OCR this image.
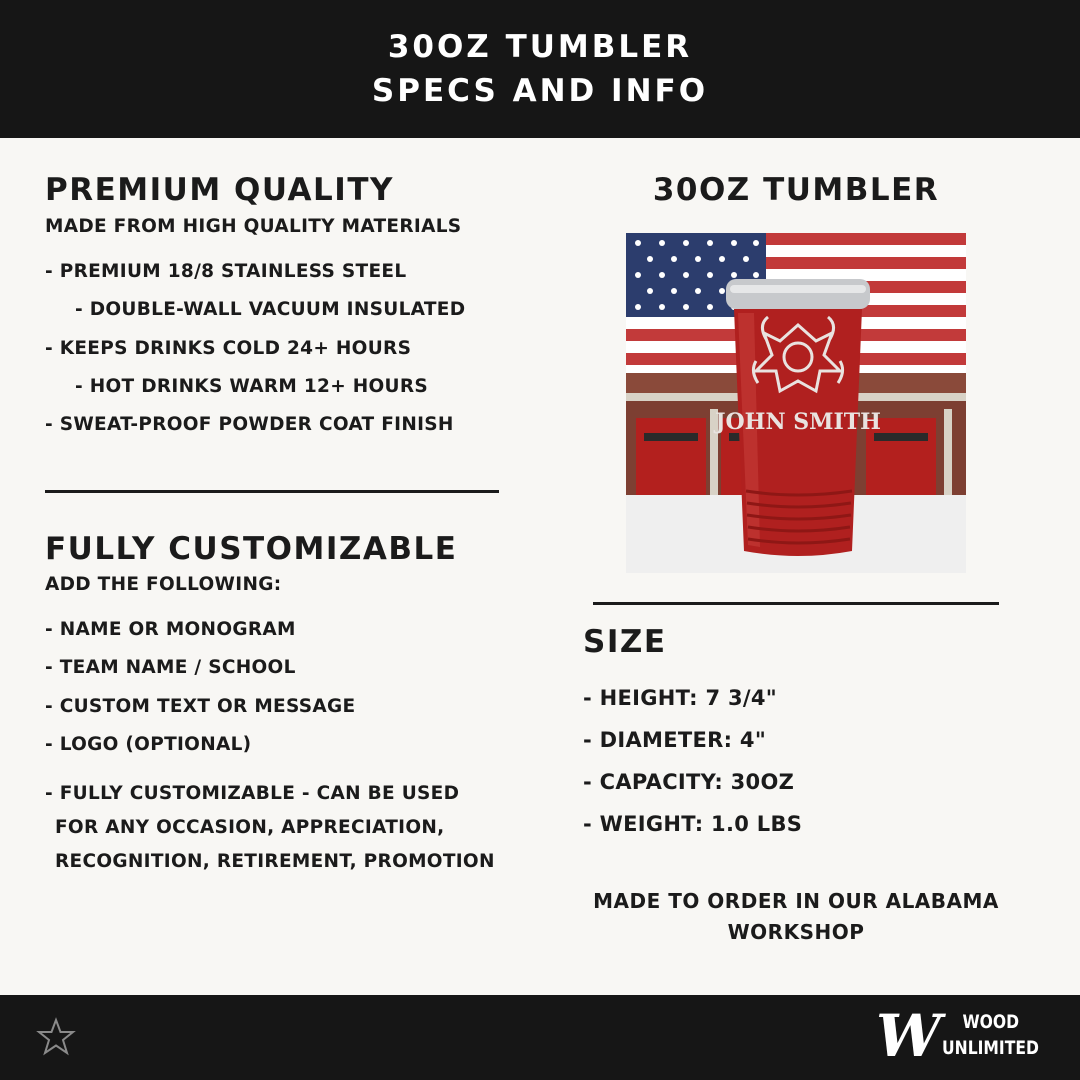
30OZ TUMBLER
SPECS AND INFO
PREMIUM QUALITY
MADE FROM HIGH QUALITY MATERIALS
- PREMIUM 18/8 STAINLESS STEEL
- DOUBLE-WALL VACUUM INSULATED
- KEEPS DRINKS COLD 24+ HOURS
- HOT DRINKS WARM 12+ HOURS
- SWEAT-PROOF POWDER COAT FINISH
FULLY CUSTOMIZABLE
ADD THE FOLLOWING:
- NAME OR MONOGRAM
- TEAM NAME / SCHOOL
- CUSTOM TEXT OR MESSAGE
- LOGO (OPTIONAL)
- FULLY CUSTOMIZABLE - CAN BE USED
FOR ANY OCCASION, APPRECIATION,
RECOGNITION, RETIREMENT, PROMOTION
30OZ TUMBLER
JOHN SMITH
SIZE
- HEIGHT: 7 3/4"
- DIAMETER: 4"
- CAPACITY: 30OZ
- WEIGHT: 1.0 LBS
MADE TO ORDER IN OUR ALABAMA
WORKSHOP
W	WOOD
UNLIMITED
